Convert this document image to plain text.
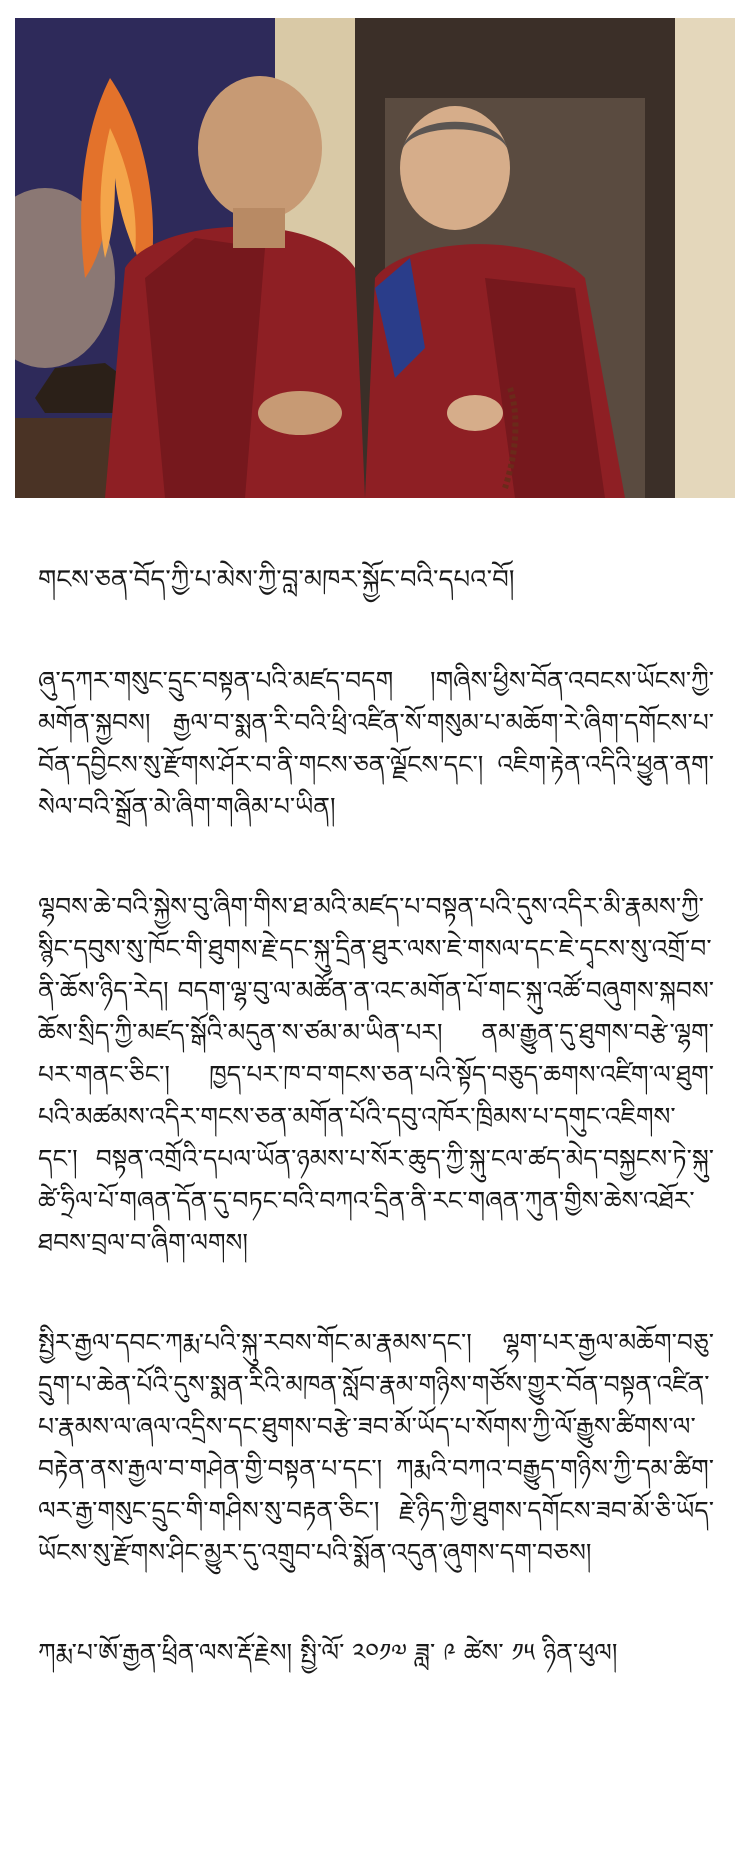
གངས་ཅན་བོད་ཀྱི་པ་མེས་ཀྱི་བླ་མཁར་སྐྱོང་བའི་དཔའ་བོ།

ཞུ་དཀར་གསུང་དྲུང་བསྟན་པའི་མཛད་བདག །གཞིས་ཕྱིས་བོན་འབངས་ཡོངས་ཀྱི་མགོན་སྐྱབས། རྒྱལ་བ་སྨན་རི་བའི་ཕྲི་འཛིན་སོ་གསུམ་པ་མཆོག་རེ་ཞིག་དགོངས་པ་བོན་དབྱིངས་སུ་རྫོགས་ཤོར་བ་ནི་གངས་ཅན་ལྗོངས་དང་། འཇིག་རྟེན་འདིའི་ཕྱུན་ནག་སེལ་བའི་སྒྲོན་མེ་ཞིག་གཞིམ་པ་ཡིན།

ལྷབས་ཆེ་བའི་སྐྱེས་བུ་ཞིག་གིས་ཐ་མའི་མཛད་པ་བསྟན་པའི་དུས་འདིར་མི་རྣམས་ཀྱི་སྙིང་དབུས་སུ་ཁོང་གི་ཐུགས་རྗེ་དང་སྐུ་དྲིན་ཐུར་ལས་ཇེ་གསལ་དང་ཇེ་དྭངས་སུ་འགྲོ་བ་ནི་ཆོས་ཉིད་རེད། བདག་ལྷ་བུ་ལ་མཚོན་ན་འང་མགོན་པོ་གང་སྐུ་འཚོ་བཞུགས་སྐབས་ཆོས་སྲིད་ཀྱི་མཛད་སྒོའི་མདུན་ས་ཙམ་མ་ཡིན་པར། ནམ་རྒྱུན་དུ་ཐུགས་བརྩེ་ལྷག་པར་གནང་ཅིང་། ཁྱད་པར་ཁ་བ་གངས་ཅན་པའི་སྟོད་བཅུད་ཆགས་འཛིག་ལ་ཐུག་པའི་མཚམས་འདིར་གངས་ཅན་མགོན་པོའི་དབུ་འཁོར་ཁྲིམས་པ་དགུང་འཇིགས་དང་། བསྟན་འགྲོའི་དཔལ་ཡོན་ཉམས་པ་སོར་ཆུད་ཀྱི་སྐུ་ངལ་ཚད་མེད་བསྐྱངས་ཏེ་སྐུ་ཚེ་ཧྲིལ་པོ་གཞན་དོན་དུ་བཏང་བའི་བཀའ་དྲིན་ནི་རང་གཞན་ཀུན་གྱིས་ཆེས་འཐོར་ཐབས་བྲལ་བ་ཞིག་ལགས།

སྤྱིར་རྒྱལ་དབང་ཀརྨ་པའི་སྐུ་རབས་གོང་མ་རྣམས་དང་། ལྷག་པར་རྒྱལ་མཆོག་བཅུ་དྲུག་པ་ཆེན་པོའི་དུས་སྨན་རིའི་མཁན་སློབ་རྣམ་གཉིས་གཙོས་གྱུར་བོན་བསྟན་འཛིན་པ་རྣམས་ལ་ཞལ་འདྲིས་དང་ཐུགས་བརྩེ་ཟབ་མོ་ཡོད་པ་སོགས་ཀྱི་ལོ་རྒྱུས་ཚིགས་ལ་བརྟེན་ནས་རྒྱལ་བ་གཤེན་གྱི་བསྟན་པ་དང་། ཀརྨའི་བཀའ་བརྒྱུད་གཉིས་ཀྱི་དམ་ཚིག་ལར་རྒྱ་གསུང་དྲུང་གི་གཤིས་སུ་བརྟན་ཅིང་། རྗེ་ཉིད་ཀྱི་ཐུགས་དགོངས་ཟབ་མོ་ཅི་ཡོད་ཡོངས་སུ་རྫོགས་ཤིང་མྱུར་དུ་འགྲུབ་པའི་སྨོན་འདུན་ཞུགས་དག་བཅས།

ཀརྨ་པ་ཨོ་རྒྱན་ཕྲིན་ལས་རྡོ་རྗེས། སྤྱི་ལོ་ ༢༠༡༧ ཟླ་ ༩ ཚེས་ ༡༥ ཉིན་ཕུལ།
